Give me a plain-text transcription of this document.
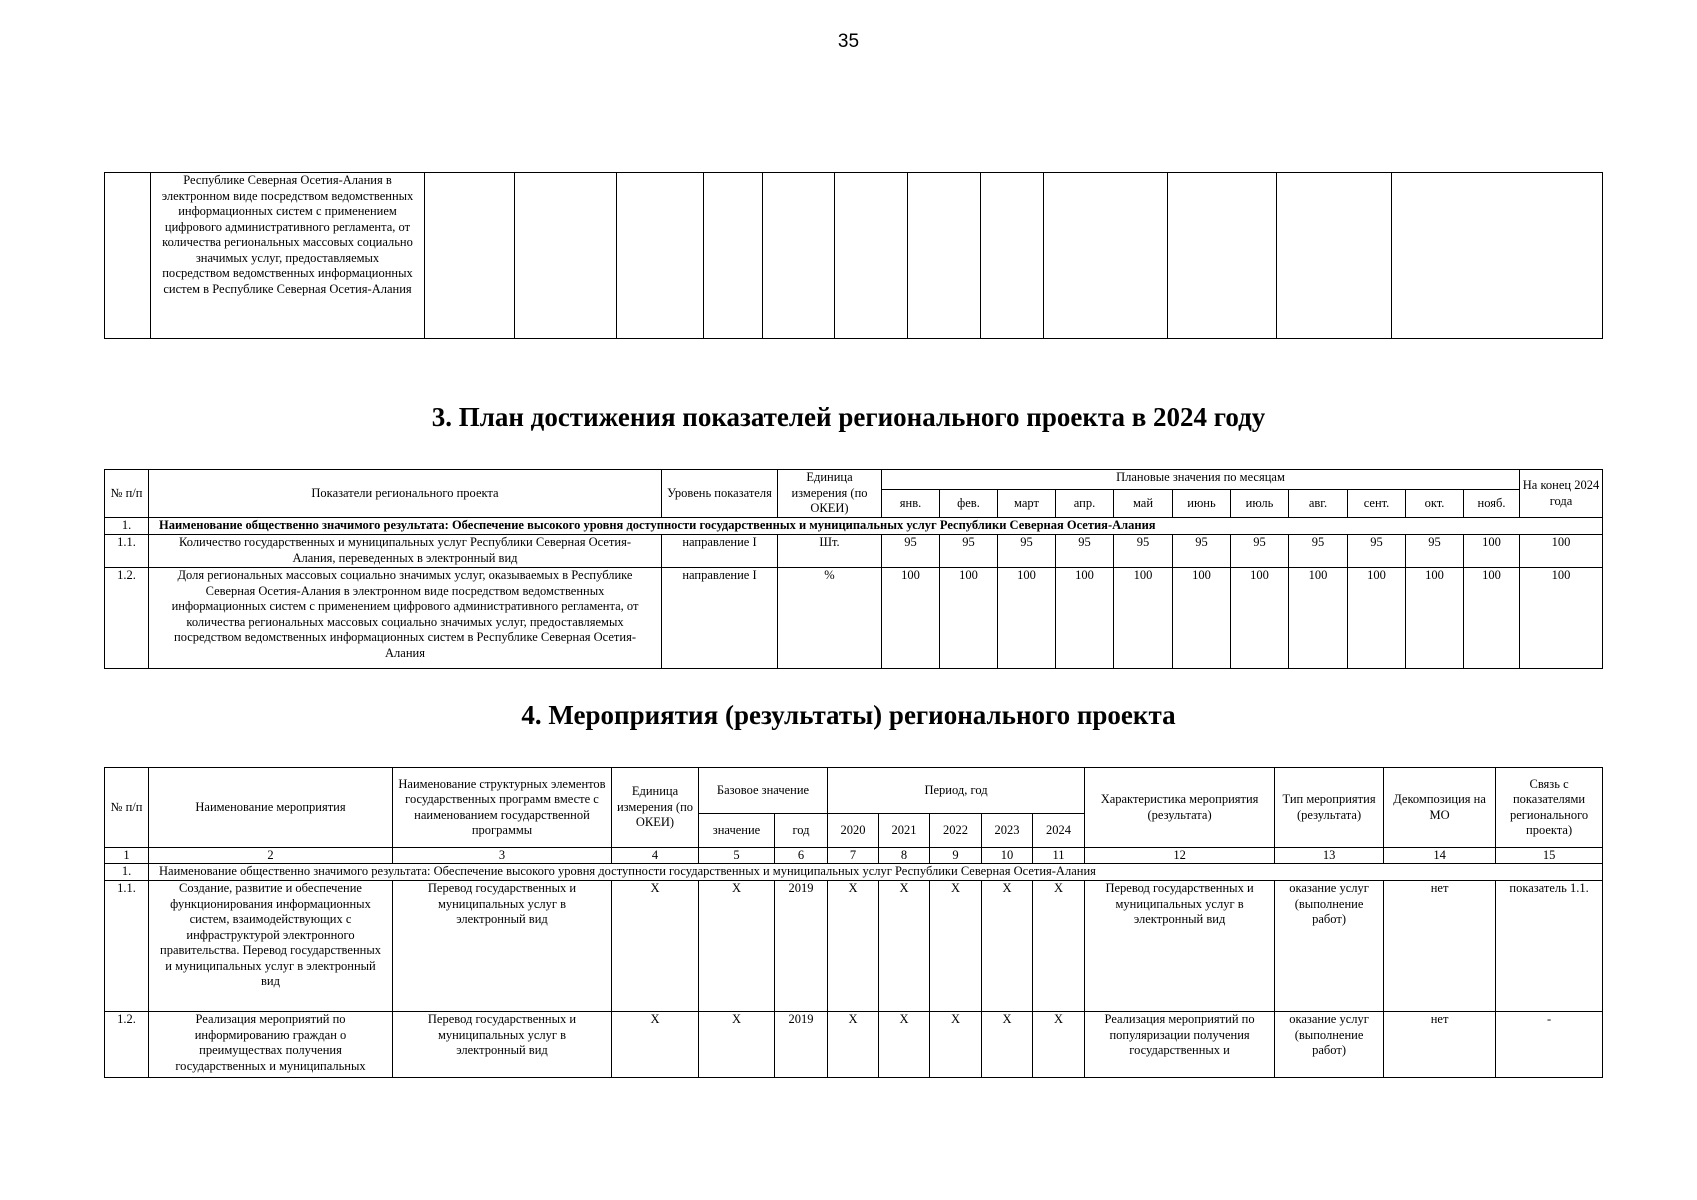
35
	Республике Северная Осетия-Алания в электронном виде посредством ведомственных информационных систем с применением цифрового административного регламента, от количества региональных массовых социально значимых услуг, предоставляемых посредством ведомственных информационных систем в Республике Северная Осетия-Алания												
3. План достижения показателей регионального проекта в 2024 году
№ п/п	Показатели регионального проекта	Уровень показателя	Единица измерения (по ОКЕИ)	Плановые значения по месяцам											На конец 2024 года
				янв.	фев.	март	апр.	май	июнь	июль	авг.	сент.	окт.	нояб.	
1.	Наименование общественно значимого результата: Обеспечение высокого уровня доступности государственных и муниципальных услуг Республики Северная Осетия-Алания														
1.1.	Количество государственных и муниципальных услуг Республики Северная Осетия-Алания, переведенных в электронный вид	направление I	Шт.	95	95	95	95	95	95	95	95	95	95	100	100
1.2.	Доля региональных массовых социально значимых услуг, оказываемых в Республике Северная Осетия-Алания в электронном виде посредством ведомственных информационных систем с применением цифрового административного регламента, от количества региональных массовых социально значимых услуг, предоставляемых посредством ведомственных информационных систем в Республике Северная Осетия-Алания	направление I	%	100	100	100	100	100	100	100	100	100	100	100	100
4. Мероприятия (результаты) регионального проекта
№ п/п	Наименование мероприятия	Наименование структурных элементов государственных программ вместе с наименованием государственной программы	Единица измерения (по ОКЕИ)	Базовое значение		Период, год					Характеристика мероприятия (результата)	Тип мероприятия (результата)	Декомпозиция на МО	Связь с показателями регионального проекта)
				значение	год	2020	2021	2022	2023	2024				
1	2	3	4	5	6	7	8	9	10	11	12	13	14	15
1.	Наименование общественно значимого результата: Обеспечение высокого уровня доступности государственных и муниципальных услуг Республики Северная Осетия-Алания													
1.1.	Создание, развитие и обеспечение функционирования информационных систем, взаимодействующих с инфраструктурой электронного правительства. Перевод государственных и муниципальных услуг в электронный вид	Перевод государственных и муниципальных услуг в электронный вид	Х	Х	2019	Х	Х	Х	Х	Х	Перевод государственных и муниципальных услуг в электронный вид	оказание услуг (выполнение работ)	нет	показатель 1.1.
1.2.	Реализация мероприятий по информированию граждан о преимуществах получения государственных и муниципальных	Перевод государственных и муниципальных услуг в электронный вид	Х	Х	2019	Х	Х	Х	Х	Х	Реализация мероприятий по популяризации получения государственных и	оказание услуг (выполнение работ)	нет	-
